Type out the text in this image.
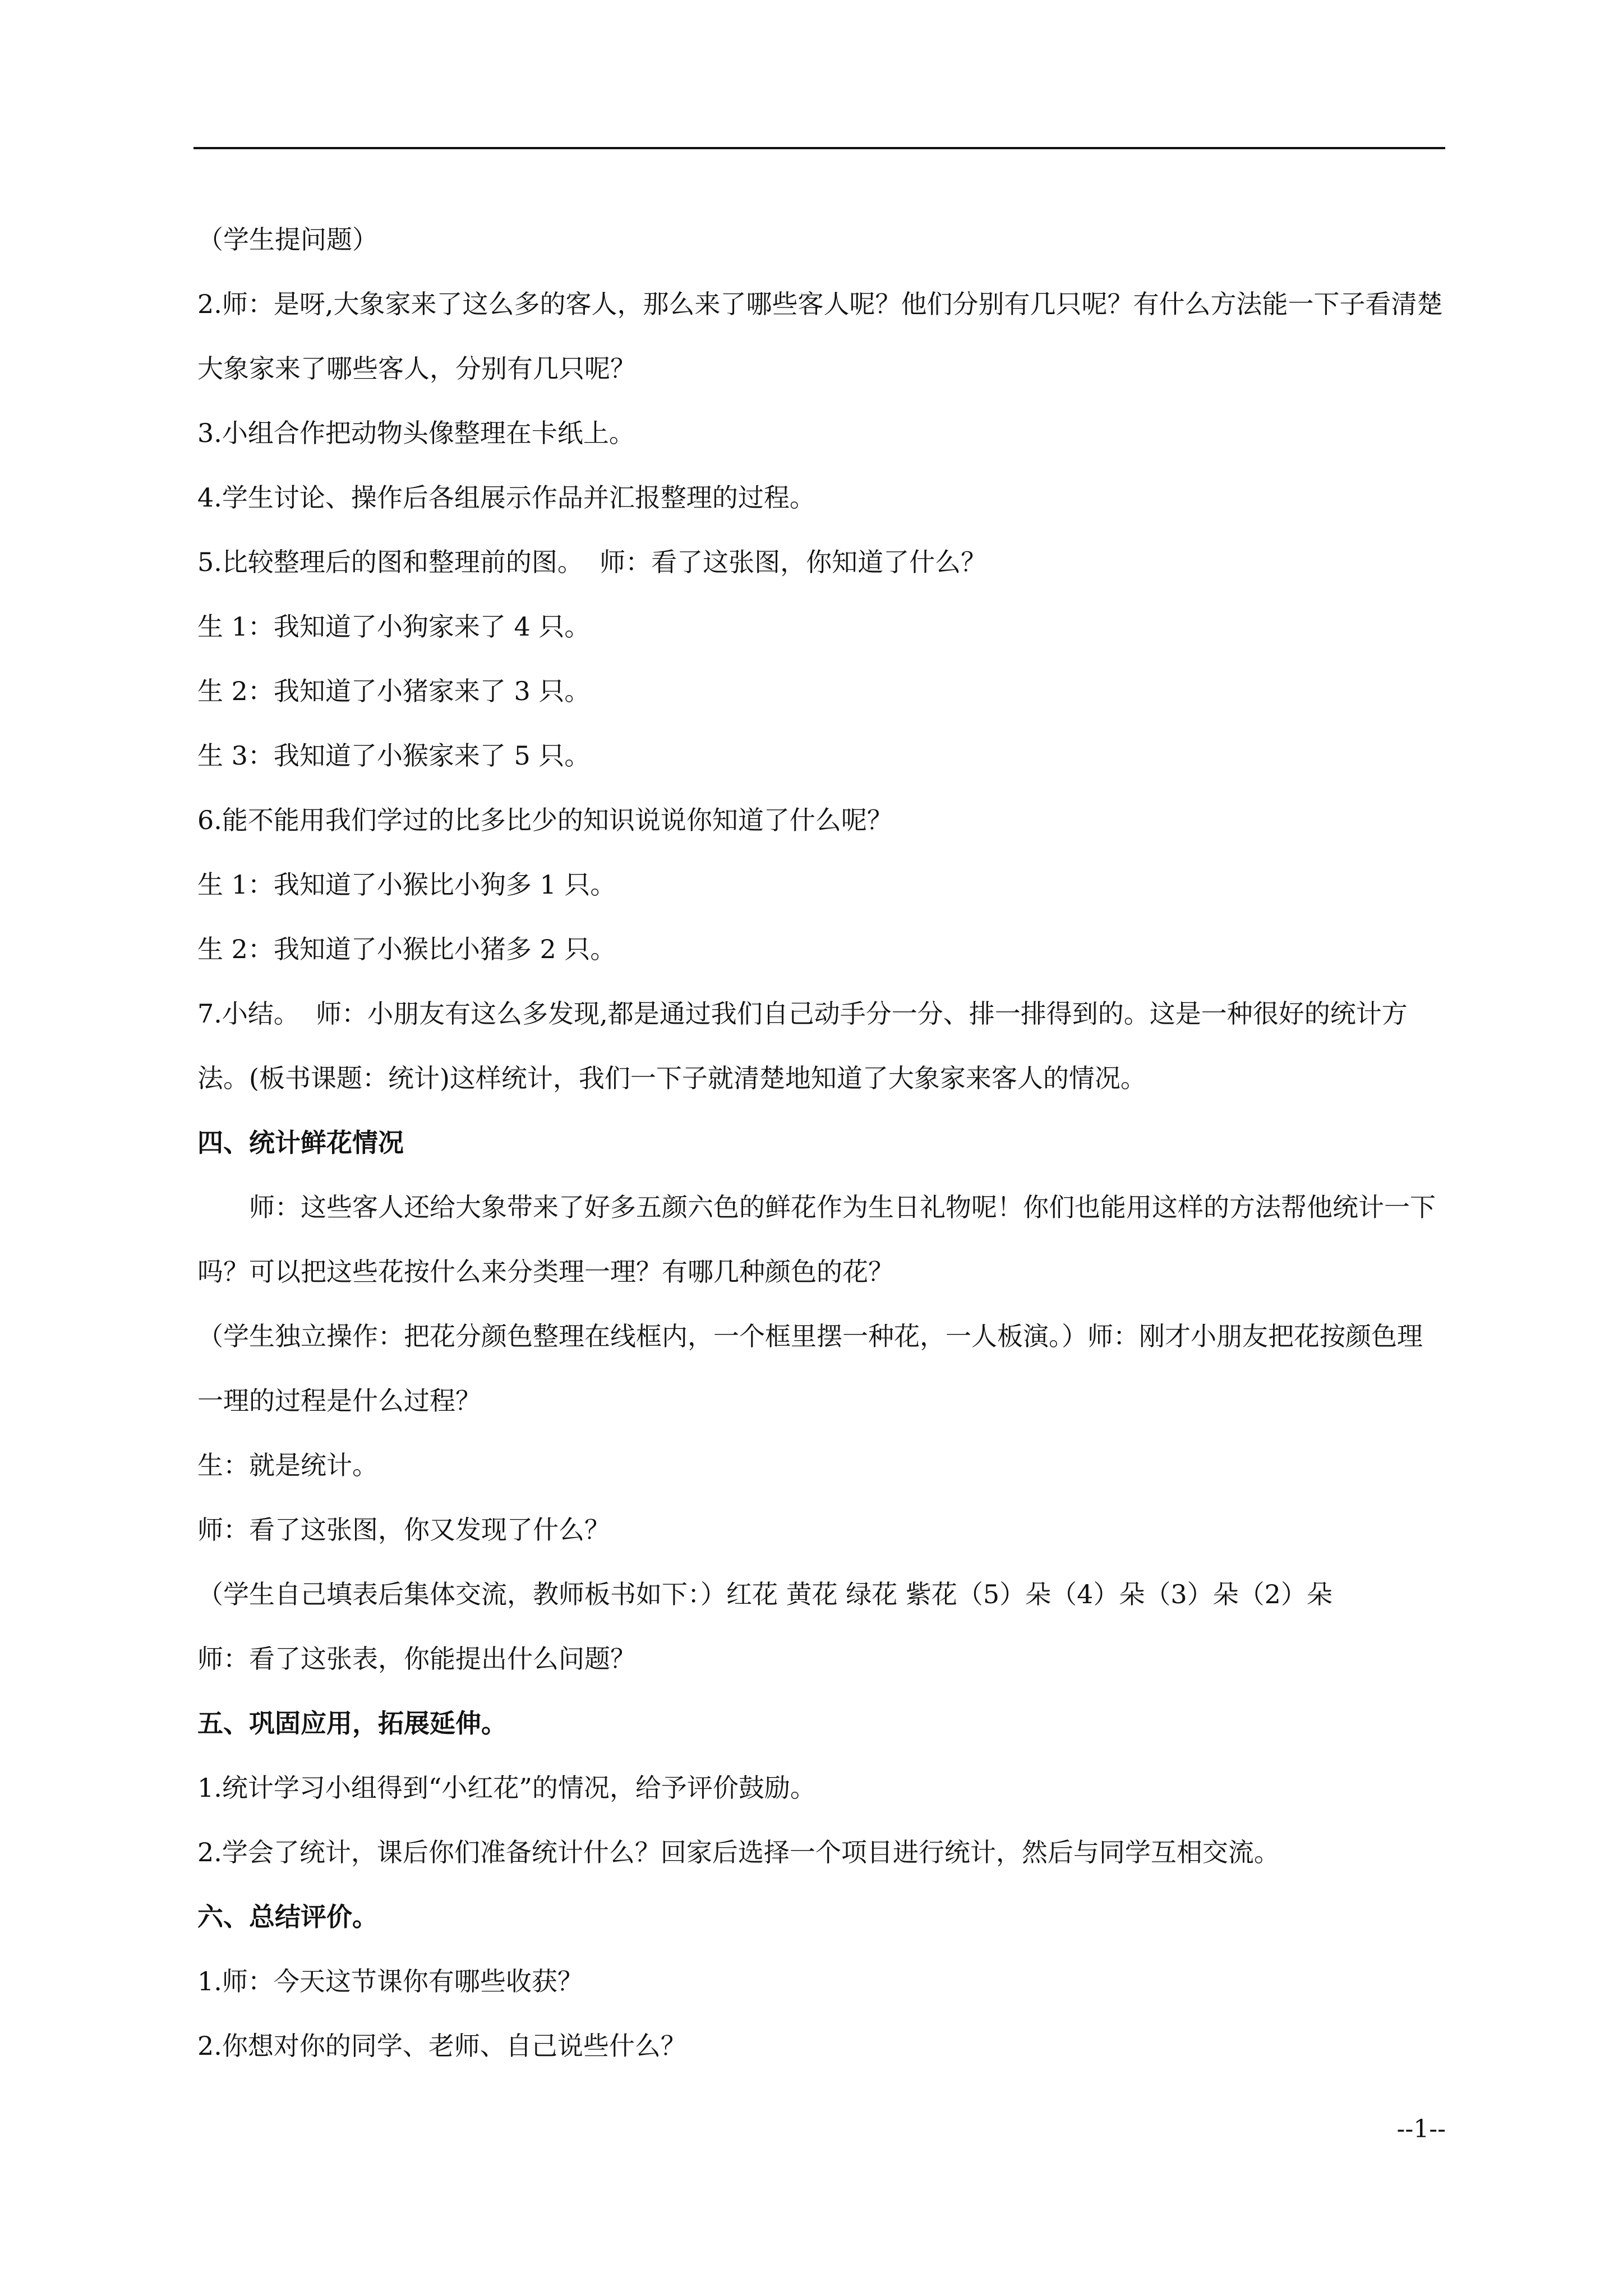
（学生提问题）

2.师：是呀,大象家来了这么多的客人，那么来了哪些客人呢？他们分别有几只呢？有什么方法能一下子看清楚大象家来了哪些客人，分别有几只呢？

3.小组合作把动物头像整理在卡纸上。

4.学生讨论、操作后各组展示作品并汇报整理的过程。

5.比较整理后的图和整理前的图。  师：看了这张图，你知道了什么？

生 1：我知道了小狗家来了 4 只。

生 2：我知道了小猪家来了 3 只。

生 3：我知道了小猴家来了 5 只。

6.能不能用我们学过的比多比少的知识说说你知道了什么呢？

生 1：我知道了小猴比小狗多 1 只。

生 2：我知道了小猴比小猪多 2 只。

7.小结。  师：小朋友有这么多发现,都是通过我们自己动手分一分、排一排得到的。这是一种很好的统计方法。(板书课题：统计)这样统计，我们一下子就清楚地知道了大象家来客人的情况。

四、统计鲜花情况

师：这些客人还给大象带来了好多五颜六色的鲜花作为生日礼物呢！你们也能用这样的方法帮他统计一下吗？可以把这些花按什么来分类理一理？有哪几种颜色的花？

（学生独立操作：把花分颜色整理在线框内，一个框里摆一种花，一人板演。）师：刚才小朋友把花按颜色理一理的过程是什么过程？

生：就是统计。

师：看了这张图，你又发现了什么？

（学生自己填表后集体交流，教师板书如下：）红花 黄花 绿花 紫花（5）朵（4）朵（3）朵（2）朵

师：看了这张表，你能提出什么问题？

五、巩固应用，拓展延伸。

1.统计学习小组得到“小红花”的情况，给予评价鼓励。

2.学会了统计，课后你们准备统计什么？回家后选择一个项目进行统计，然后与同学互相交流。

六、总结评价。

1.师：今天这节课你有哪些收获？

2.你想对你的同学、老师、自己说些什么？

--1--
